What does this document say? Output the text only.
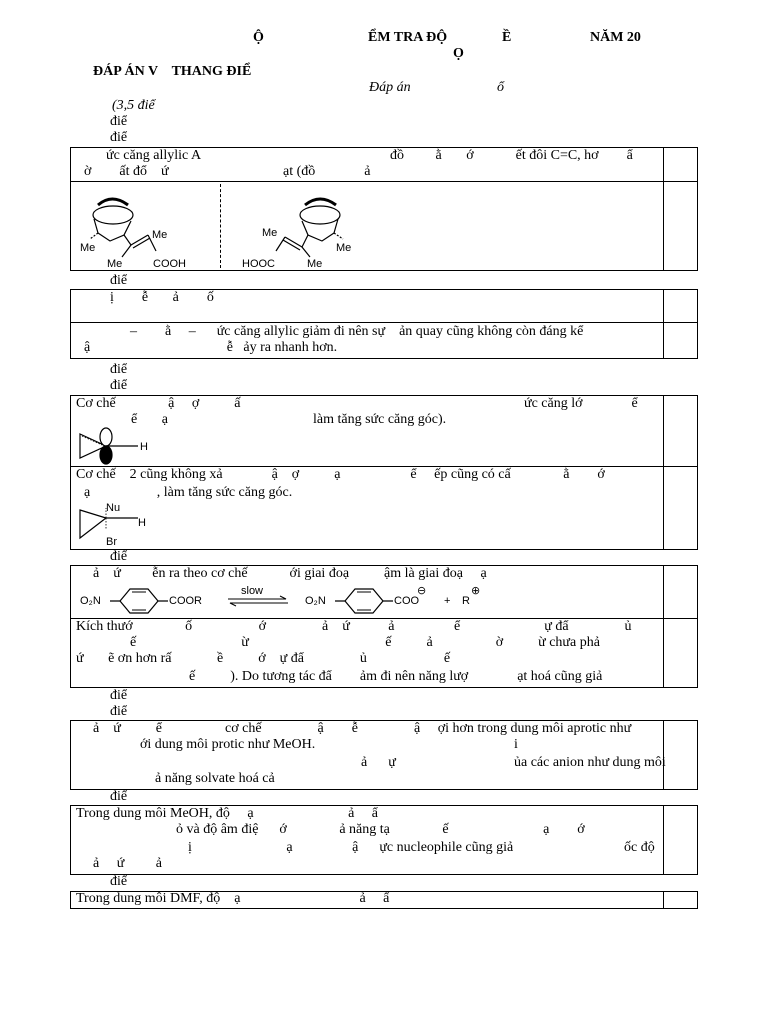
Ộ	ỂM TRA ĐỘ	Ề	NĂM 20
Ọ
ĐÁP ÁN V    THANG ĐIỂ
Đáp án	ổ
(3,5 điể
điể
điể
ức căng allylic A	đồ         ằ       ớ            ết đôi C=C, hơ        ẩ
ờ        ất đổ    ứ	ạt (đồ              ả
Me
Me
Me	COOH
Me
Me
Me
HOOC
điể
ị        ễ       ả        ố
–        ằ     –      ức căng allylic giảm đi nên sự    ản quay cũng không còn đáng kể
ậ                                       ễ   ảy ra nhanh hơn.
điể
điể
Cơ chế               ậ     ợ          ấ	ức căng lớ              ể
ể       ạ	làm tăng sức căng góc).
H
Cơ chế    2 cũng không xả              ậ    ợ          ạ                    ể     ếp cũng có cấ               ằ        ớ
ạ                   , làm tăng sức căng góc.
Nu
H
Br
điể
ả    ứ         ễn ra theo cơ chế            ới giai đoạ          ậm là giai đoạ     ạ
O₂N	COOR
slow
O₂N	COO
⊖
+ R
⊕
Kích thướ               ố                   ớ                ả    ứ           ả                 ể                        ự đẩ                ủ
ế                              ừ                                       ế          ả                  ờ          ừ chưa phả
ứ       ẽ ơn hơn rấ             ề          ớ    ự đẩ                ủ                      ế
ế          ). Do tương tác đẩ        ảm đi nên năng lượ              ạt hoá cũng giả
điể
điể
ả    ứ          ể                  cơ chế                ậ        ễ                ậ     ợi hơn trong dung môi aprotic như
ới dung môi protic như MeOH.	i
ả      ự	ủa các anion như dung môi
ả năng solvate hoá cả
điể
Trong dung môi MeOH, độ     ạ                           ả     ẩ
ỏ và độ âm điệ      ớ               ả năng tạ               ế                           ạ        ớ
ị                           ạ                 ậ      ực nucleophile cũng giả	ốc độ
ả     ứ         ả
điể
Trong dung môi DMF, độ    ạ                                  ả     ẩ
